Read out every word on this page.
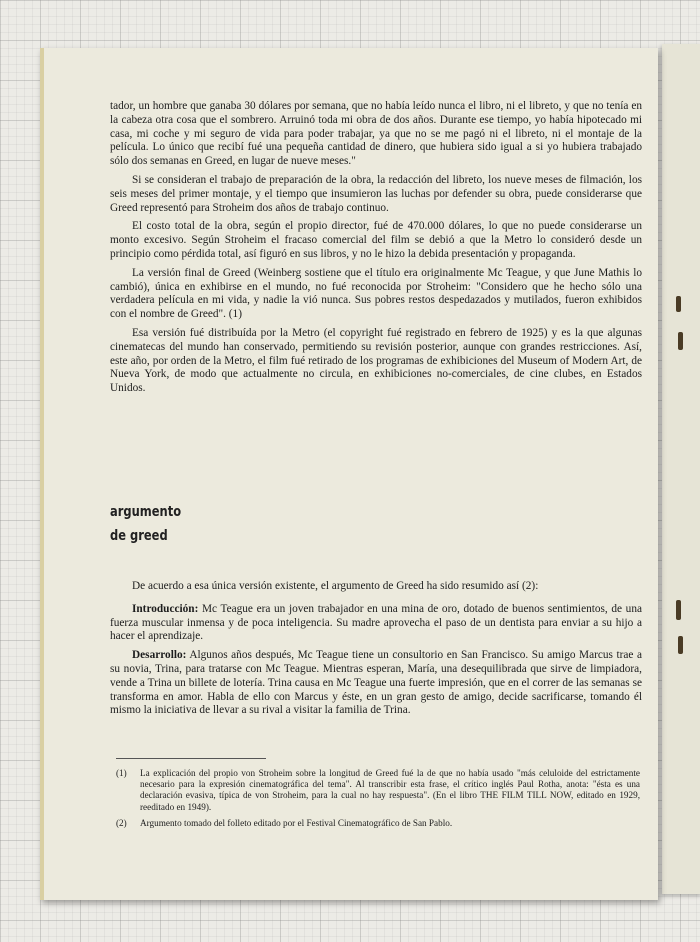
tador, un hombre que ganaba 30 dólares por semana, que no había leído nunca el libro, ni el libreto, y que no tenía en la cabeza otra cosa que el sombrero. Arruinó toda mi obra de dos años. Durante ese tiempo, yo había hipotecado mi casa, mi coche y mi seguro de vida para poder trabajar, ya que no se me pagó ni el libreto, ni el montaje de la película. Lo único que recibí fué una pequeña cantidad de dinero, que hubiera sido igual a si yo hubiera trabajado sólo dos semanas en Greed, en lugar de nueve meses."

Si se consideran el trabajo de preparación de la obra, la redacción del libreto, los nueve meses de filmación, los seis meses del primer montaje, y el tiempo que insumieron las luchas por defender su obra, puede considerarse que Greed representó para Stroheim dos años de trabajo continuo.

El costo total de la obra, según el propio director, fué de 470.000 dólares, lo que no puede considerarse un monto excesivo. Según Stroheim el fracaso comercial del film se debió a que la Metro lo consideró desde un principio como pérdida total, así figuró en sus libros, y no le hizo la debida presentación y propaganda.

La versión final de Greed (Weinberg sostiene que el título era originalmente Mc Teague, y que June Mathis lo cambió), única en exhibirse en el mundo, no fué reconocida por Stroheim: "Considero que he hecho sólo una verdadera película en mi vida, y nadie la vió nunca. Sus pobres restos despedazados y mutilados, fueron exhibidos con el nombre de Greed". (1)

Esa versión fué distribuída por la Metro (el copyright fué registrado en febrero de 1925) y es la que algunas cinematecas del mundo han conservado, permitiendo su revisión posterior, aunque con grandes restricciones. Así, este año, por orden de la Metro, el film fué retirado de los programas de exhibiciones del Museum of Modern Art, de Nueva York, de modo que actualmente no circula, en exhibiciones no-comerciales, de cine clubes, en Estados Unidos.

argumento
de greed

De acuerdo a esa única versión existente, el argumento de Greed ha sido resumido así (2):

Introducción: Mc Teague era un joven trabajador en una mina de oro, dotado de buenos sentimientos, de una fuerza muscular inmensa y de poca inteligencia. Su madre aprovecha el paso de un dentista para enviar a su hijo a hacer el aprendizaje.

Desarrollo: Algunos años después, Mc Teague tiene un consultorio en San Francisco. Su amigo Marcus trae a su novia, Trina, para tratarse con Mc Teague. Mientras esperan, María, una desequilibrada que sirve de limpiadora, vende a Trina un billete de lotería. Trina causa en Mc Teague una fuerte impresión, que en el correr de las semanas se transforma en amor. Habla de ello con Marcus y éste, en un gran gesto de amigo, decide sacrificarse, tomando él mismo la iniciativa de llevar a su rival a visitar la familia de Trina.

(1)	La explicación del propio von Stroheim sobre la longitud de Greed fué la de que no había usado "más celuloide del estrictamente necesario para la expresión cinematográfica del tema". Al transcribir esta frase, el crítico inglés Paul Rotha, anota: "ésta es una declaración evasiva, típica de von Stroheim, para la cual no hay respuesta". (En el libro THE FILM TILL NOW, editado en 1929, reeditado en 1949).
(2)	Argumento tomado del folleto editado por el Festival Cinematográfico de San Pablo.
